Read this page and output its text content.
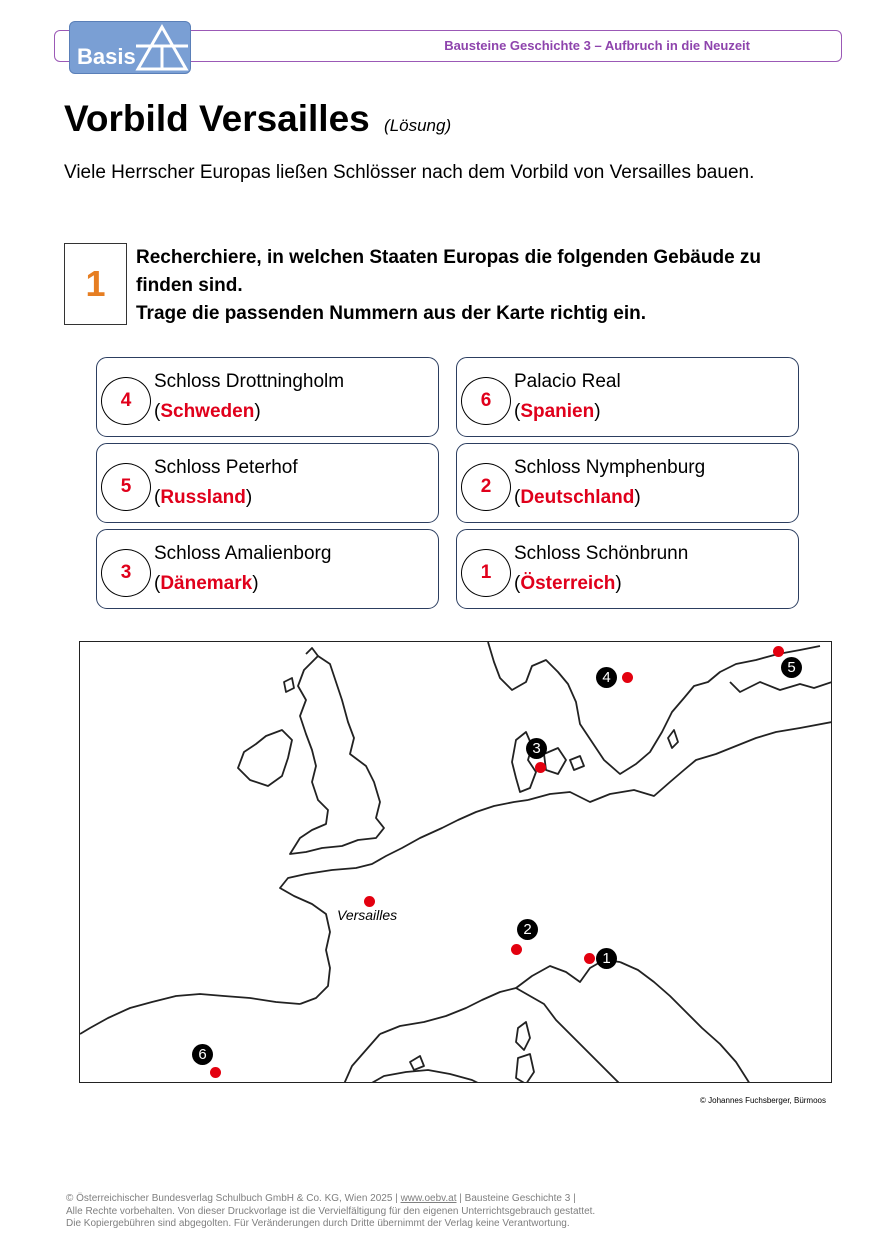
Basis	Bausteine Geschichte 3 – Aufbruch in die Neuzeit
Vorbild Versailles (Lösung)
Viele Herrscher Europas ließen Schlösser nach dem Vorbild von Versailles bauen.
1
Recherchiere, in welchen Staaten Europas die folgenden Gebäude zu
finden sind.
Trage die passenden Nummern aus der Karte richtig ein.
4
Schloss Drottningholm
(Schweden)
6
Palacio Real
(Spanien)
5
Schloss Peterhof
(Russland)
2
Schloss Nymphenburg
(Deutschland)
3
Schloss Amalienborg
(Dänemark)
1
Schloss Schönbrunn
(Österreich)
Versailles
4
5
3
2
1
6
© Johannes Fuchsberger, Bürmoos
© Österreichischer Bundesverlag Schulbuch GmbH & Co. KG, Wien 2025 | www.oebv.at | Bausteine Geschichte 3 |
Alle Rechte vorbehalten. Von dieser Druckvorlage ist die Vervielfältigung für den eigenen Unterrichtsgebrauch gestattet.
Die Kopiergebühren sind abgegolten. Für Veränderungen durch Dritte übernimmt der Verlag keine Verantwortung.
